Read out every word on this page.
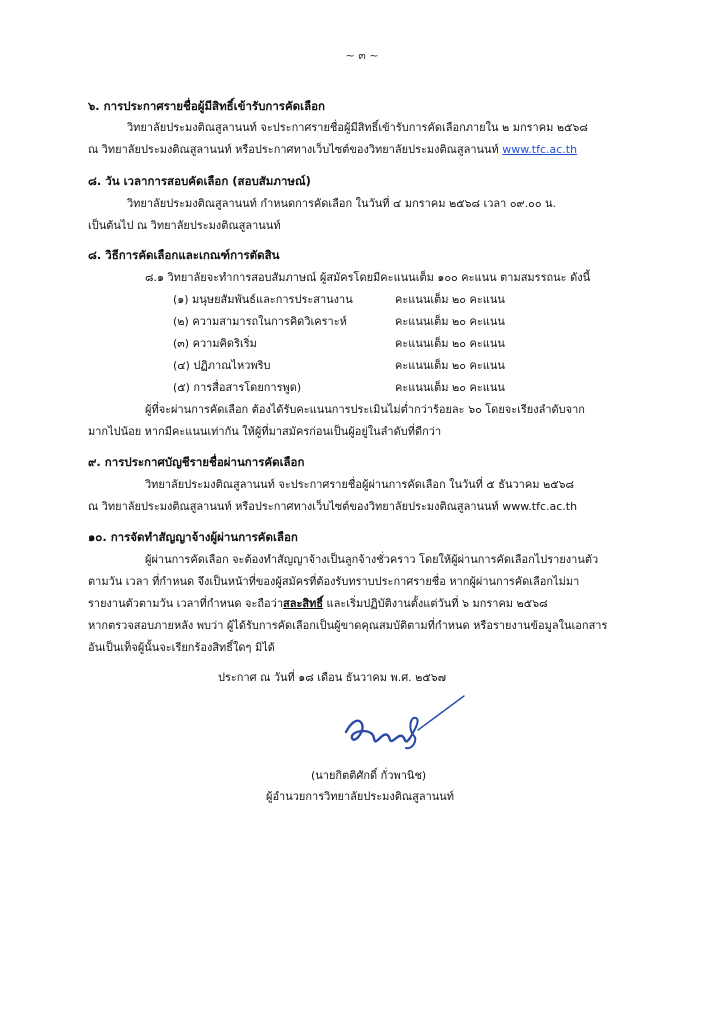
~ ๓ ~
๖. การประกาศรายชื่อผู้มีสิทธิ์เข้ารับการคัดเลือก
วิทยาลัยประมงติณสูลานนท์ จะประกาศรายชื่อผู้มีสิทธิ์เข้ารับการคัดเลือกภายใน ๒ มกราคม ๒๕๖๘
ณ วิทยาลัยประมงติณสูลานนท์ หรือประกาศทางเว็บไซต์ของวิทยาลัยประมงติณสูลานนท์ www.tfc.ac.th
๘. วัน เวลาการสอบคัดเลือก (สอบสัมภาษณ์)
วิทยาลัยประมงติณสูลานนท์ กำหนดการคัดเลือก ในวันที่ ๔ มกราคม ๒๕๖๘ เวลา ๐๙.๐๐ น.
เป็นต้นไป ณ วิทยาลัยประมงติณสูลานนท์
๘. วิธีการคัดเลือกและเกณฑ์การตัดสิน
๘.๑ วิทยาลัยจะทำการสอบสัมภาษณ์ ผู้สมัครโดยมีคะแนนเต็ม ๑๐๐ คะแนน ตามสมรรถนะ ดังนี้
(๑) มนุษยสัมพันธ์และการประสานงาน	คะแนนเต็ม ๒๐ คะแนน
(๒) ความสามารถในการคิดวิเคราะห์	คะแนนเต็ม ๒๐ คะแนน
(๓) ความคิดริเริ่ม	คะแนนเต็ม ๒๐ คะแนน
(๔) ปฏิภาณไหวพริบ	คะแนนเต็ม ๒๐ คะแนน
(๕) การสื่อสารโดยการพูด)	คะแนนเต็ม ๒๐ คะแนน
ผู้ที่จะผ่านการคัดเลือก ต้องได้รับคะแนนการประเมินไม่ต่ำกว่าร้อยละ ๖๐ โดยจะเรียงลำดับจาก
มากไปน้อย หากมีคะแนนเท่ากัน ให้ผู้ที่มาสมัครก่อนเป็นผู้อยู่ในลำดับที่ดีกว่า
๙. การประกาศบัญชีรายชื่อผ่านการคัดเลือก
วิทยาลัยประมงติณสูลานนท์ จะประกาศรายชื่อผู้ผ่านการคัดเลือก ในวันที่ ๕ ธันวาคม ๒๕๖๘
ณ วิทยาลัยประมงติณสูลานนท์ หรือประกาศทางเว็บไซต์ของวิทยาลัยประมงติณสูลานนท์ www.tfc.ac.th
๑๐. การจัดทำสัญญาจ้างผู้ผ่านการคัดเลือก
ผู้ผ่านการคัดเลือก จะต้องทำสัญญาจ้างเป็นลูกจ้างชั่วคราว โดยให้ผู้ผ่านการคัดเลือกไปรายงานตัว
ตามวัน เวลา ที่กำหนด จึงเป็นหน้าที่ของผู้สมัครที่ต้องรับทราบประกาศรายชื่อ หากผู้ผ่านการคัดเลือกไม่มา
รายงานตัวตามวัน เวลาที่กำหนด จะถือว่าสละสิทธิ์ และเริ่มปฏิบัติงานตั้งแต่วันที่ ๖ มกราคม ๒๕๖๘
หากตรวจสอบภายหลัง พบว่า ผู้ได้รับการคัดเลือกเป็นผู้ขาดคุณสมบัติตามที่กำหนด หรือรายงานข้อมูลในเอกสาร
อันเป็นเท็จผู้นั้นจะเรียกร้องสิทธิ์ใดๆ มิได้
ประกาศ ณ วันที่ ๑๘ เดือน ธันวาคม พ.ศ. ๒๕๖๗
(นายกิตติศักดิ์ กั่วพานิช)
ผู้อำนวยการวิทยาลัยประมงติณสูลานนท์
